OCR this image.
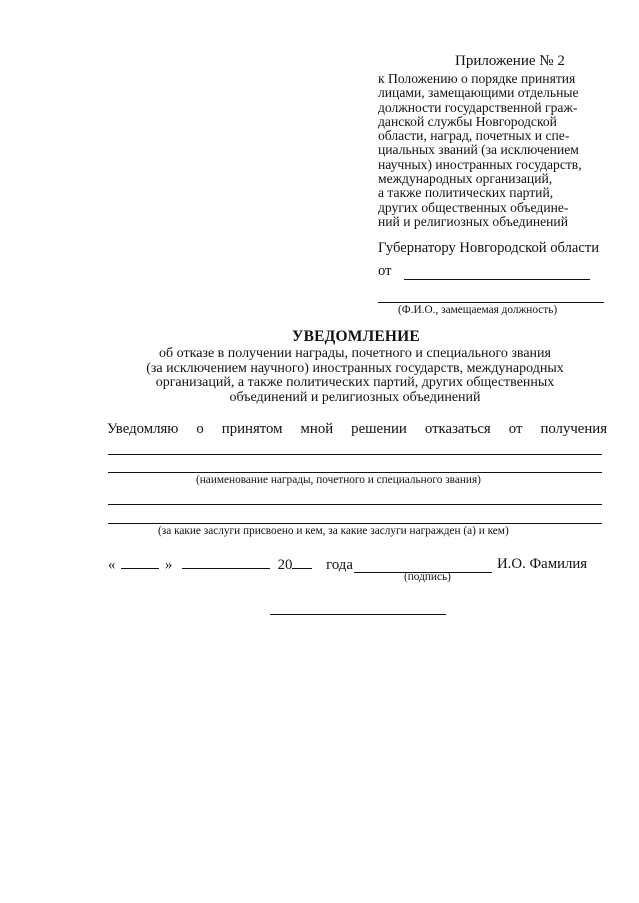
Приложение № 2
к Положению о порядке принятия
лицами, замещающими отдельные
должности государственной граж-
данской службы Новгородской
области, наград, почетных и спе-
циальных званий (за исключением
научных) иностранных государств,
международных организаций,
а также политических партий,
других общественных объедине-
ний и религиозных объединений
Губернатору Новгородской области
от
(Ф.И.О., замещаемая должность)
УВЕДОМЛЕНИЕ
об отказе в получении награды, почетного и специального звания
(за исключением научного) иностранных государств, международных
организаций, а также политических партий, других общественных
объединений и религиозных объединений
Уведомляю о принятом мной решении отказаться от получения
(наименование награды, почетного и специального звания)
(за какие заслуги присвоено и кем, за какие заслуги награжден (а) и кем)
«	»	20 года	И.О. Фамилия
(подпись)
